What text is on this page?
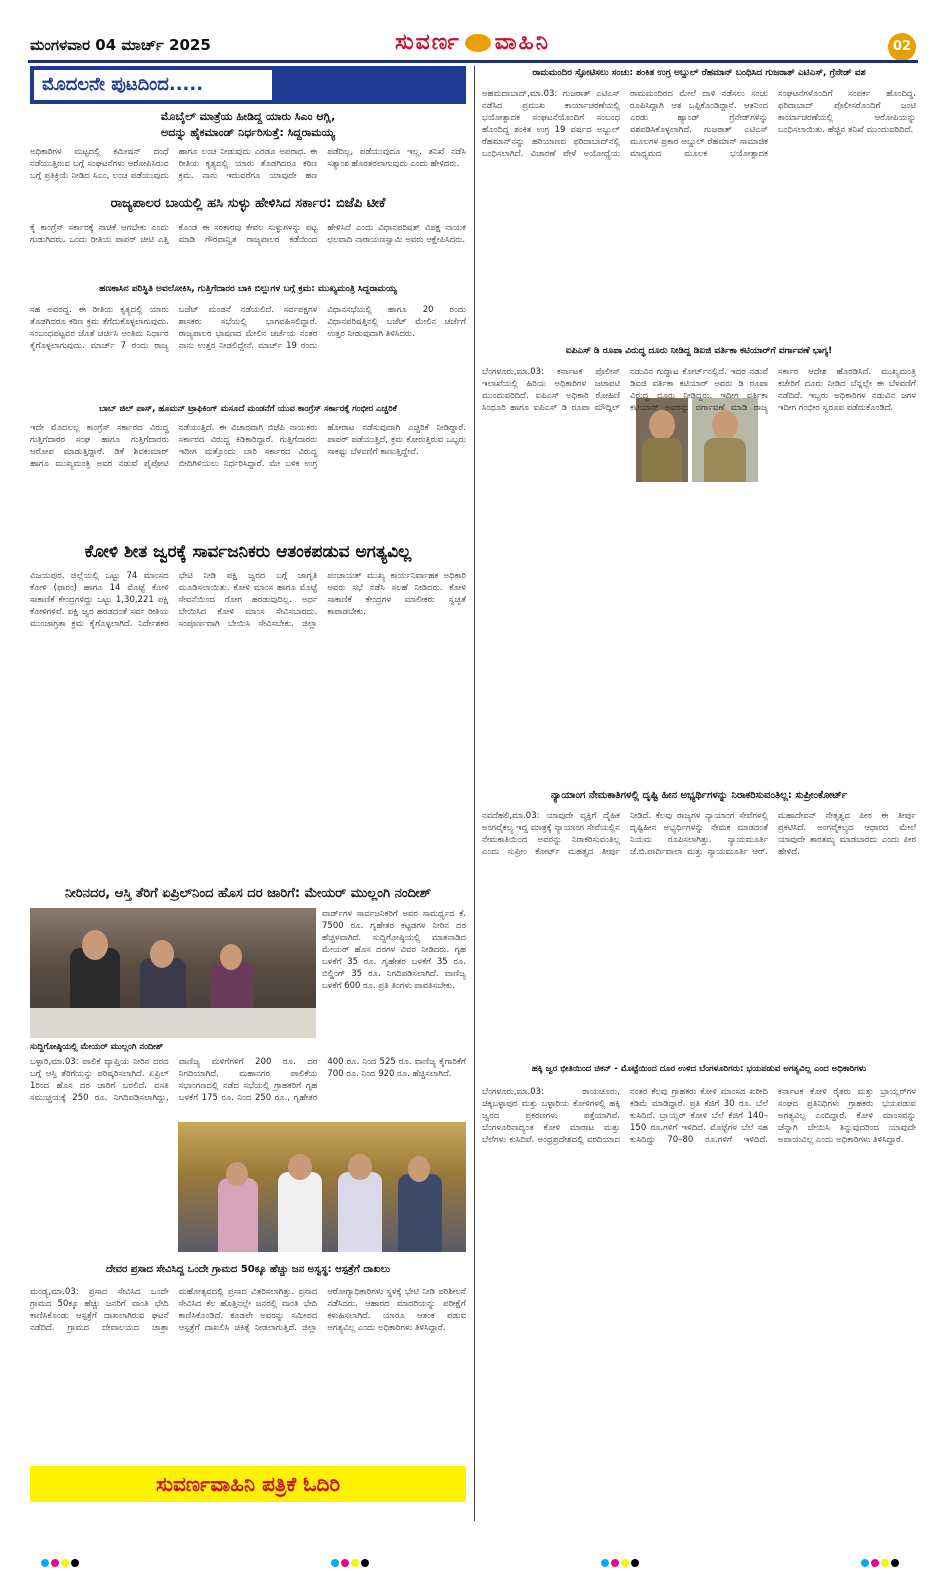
ಮಂಗಳವಾರ 04 ಮಾರ್ಚ್ 2025	ಸುವರ್ಣ ವಾಹಿನಿ	02
ಮೊದಲನೇ ಪುಟದಿಂದ.....
ಮೊಬೈಲ್ ಮಾತ್ರೆಯ ಹೀಡಿದ್ದ ಯಾರು ಸಿಎಂ ಆಗ್ಲಿ,
ಅದನ್ನು ಹೈಕಮಾಂಡ್ ನಿರ್ಧರಿಸುತ್ತೆ: ಸಿದ್ದರಾಮಯ್ಯ
ಅಧಿಕಾರಿಗಳ ಮಟ್ಟದಲ್ಲಿ ಕಮೀಷನ್ ದಂಧೆ ನಡೆಯುತ್ತಿರುವ ಬಗ್ಗೆ ಸಂಘಟನೆಗಳು ಆರೋಪಿಸಿರುವ ಬಗ್ಗೆ ಪ್ರತಿಕ್ರಿಯೆ ನೀಡಿದ ಸಿಎಂ, ಲಂಚ ಪಡೆಯುವುದು ಹಾಗೂ ಲಂಚ ನೀಡುವುದು ಎರಡೂ ಅಪರಾಧ. ಈ ರೀತಿಯ ಕೃತ್ಯದಲ್ಲಿ ಯಾರು ತೊಡಗಿದರೂ ಕಠಿಣ ಕ್ರಮ. ನಾನು ಇದುವರೆಗೂ ಯಾವುದೇ ಹಣ ಪಡೆದಿಲ್ಲ, ಪಡೆಯುವುದೂ ಇಲ್ಲ. ತನಿಖೆ ನಡೆಸಿ ಸತ್ಯಾಂಶ ಹೊರತರಲಾಗುವುದು ಎಂದು ಹೇಳಿದರು.
ರಾಜ್ಯಪಾಲರ ಬಾಯಲ್ಲಿ ಹಸಿ ಸುಳ್ಳು ಹೇಳಿಸಿದ ಸರ್ಕಾರ: ಬಿಜೆಪಿ ಟೀಕೆ
ಕೈ ಕಾಂಗ್ರೆಸ್ ಸರ್ಕಾರಕ್ಕೆ ನಾಚಿಕೆ ಆಗಬೇಕು ಎಂದು ಗುಡುಗಿದರು. ಒಂದು ರೀತಿಯ ಪಾಪರ್ ಚೀಟಿ ಎತ್ತಿ ಕೊಂಡ ಈ ಸರಕಾರವು ಕೇವಲ ಸುಳ್ಳುಗಳನ್ನು ಪಟ್ಟ ಮಾಡಿ ಗೌರವಾನ್ವಿತ ರಾಜ್ಯಪಾಲರ ಕಡೆಯಿಂದ ಹೇಳಿಸಿದೆ ಎಂದು ವಿಧಾನಪರಿಷತ್ ವಿಪಕ್ಷ ನಾಯಕ ಛಲವಾದಿ ನಾರಾಯಣಸ್ವಾಮಿ ಅವರು ಆಕ್ಷೇಪಿಸಿದರು.
ಹಣಕಾಸಿನ ಪರಿಸ್ಥಿತಿ ಅವಲೋಕಿಸಿ, ಗುತ್ತಿಗೆದಾರರ ಬಾಕಿ ಬಿಲ್ಲುಗಳ ಬಗ್ಗೆ ಕ್ರಮ: ಮುಖ್ಯಮಂತ್ರಿ ಸಿದ್ದರಾಮಯ್ಯ
ಸಹ ಅವರದ್ದ. ಈ ರೀತಿಯ ಕೃತ್ಯದಲ್ಲಿ ಯಾರು ತೊಡಗಿದರೂ ಕಠಿಣ ಕ್ರಮ ತೆಗೆದುಕೊಳ್ಳಲಾಗುವುದು. ಸಂಬಂಧಪಟ್ಟವರ ಜೊತೆ ಚರ್ಚಿಸಿ ಅಂತಿಮ ನಿರ್ಧಾರ ಕೈಗೊಳ್ಳಲಾಗುವುದು. ಮಾರ್ಚ್ 7 ರಂದು ರಾಜ್ಯ ಬಜೆಟ್ ಮಂಡನೆ ನಡೆಯಲಿದೆ. ಸರ್ವಪಕ್ಷಗಳ ಶಾಸಕರು ಸಭೆಯಲ್ಲಿ ಭಾಗವಹಿಸಲಿದ್ದಾರೆ. ರಾಜ್ಯಪಾಲರ ಭಾಷಣದ ಮೇಲಿನ ಚರ್ಚೆಯ ನಂತರ ನಾನು ಉತ್ತರ ನೀಡಲಿದ್ದೇನೆ. ಮಾರ್ಚ್ 19 ರಂದು ವಿಧಾನಸಭೆಯಲ್ಲಿ ಹಾಗೂ 20 ರಂದು ವಿಧಾನಪರಿಷತ್ತಿನಲ್ಲಿ ಬಜೆಟ್ ಮೇಲಿನ ಚರ್ಚೆಗೆ ಉತ್ತರ ನೀಡುವುದಾಗಿ ತಿಳಿಸಿದರು.
ಬಾಬ್ ಜಿಲ್ ಪಾಸ್, ಹೂಮನ್ ಟ್ರಾಫಿಕಿಂಗ್ ಮಸೂದೆ ಮಂಡನೆಗೆ ಯುವ ಕಾಂಗ್ರೆಸ್ ಸರ್ಕಾರಕ್ಕೆ ಗಂಭೀರ ಎಚ್ಚರಿಕೆ
ಇದೇ ಮೊದಲಲ್ಲ ಕಾಂಗ್ರೆಸ್ ಸರ್ಕಾರದ ವಿರುದ್ಧ ಗುತ್ತಿಗೆದಾರರ ಸಂಘ ಹಾಗೂ ಗುತ್ತಿಗೆದಾರರು ಆರೋಪ ಮಾಡುತ್ತಿದ್ದಾರೆ. ಡಿಕೆ ಶಿವಕುಮಾರ್ ಹಾಗೂ ಮುಖ್ಯಮಂತ್ರಿ ಅವರ ನಡುವೆ ಪೈಪೋಟಿ ನಡೆಯುತ್ತಿದೆ. ಈ ವಿಚಾರವಾಗಿ ಬಿಜೆಪಿ ನಾಯಕರು ಸರ್ಕಾರದ ವಿರುದ್ಧ ಕಿಡಿಕಾರಿದ್ದಾರೆ. ಗುತ್ತಿಗೆದಾರರು ಇದೀಗ ಮತ್ತೊಂದು ಬಾರಿ ಸರ್ಕಾರದ ವಿರುದ್ಧ ಬೀದಿಗಿಳಿಯಲು ನಿರ್ಧರಿಸಿದ್ದಾರೆ. ಮೇ ಬಳಿಕ ಉಗ್ರ ಹೋರಾಟ ನಡೆಸುವುದಾಗಿ ಎಚ್ಚರಿಕೆ ನೀಡಿದ್ದಾರೆ. ಪಾಪರ್ ಪಡೆಯುತ್ತಿದೆ, ಕ್ರಮ ಕೋರುತ್ತಿರುವ ಒಬ್ಬರು ಸಾಕಷ್ಟು ಬೆಳವಣಿಗೆ ಕಾಣುತ್ತಿದ್ದೇವೆ.
ಕೋಳಿ ಶೀತ ಜ್ವರಕ್ಕೆ ಸಾರ್ವಜನಿಕರು ಆತಂಕಪಡುವ ಅಗತ್ಯವಿಲ್ಲ
ವಿಜಯಪುರ. ಜಿಲ್ಲೆಯಲ್ಲಿ ಒಟ್ಟು 74 ಮಾಂಸದ ಕೋಳಿ (ಫಾರಂ) ಹಾಗೂ 14 ಮೊಟ್ಟೆ ಕೋಳಿ ಸಾಕಾಣಿಕೆ ಕೇಂದ್ರಗಳಿದ್ದು ಒಟ್ಟು 1,30,221 ಪಕ್ಷಿ ಕೋಳಿಗಳಿವೆ. ಪಕ್ಷಿ ಜ್ವರ ಹರಡದಂತೆ ಸರ್ವ ರೀತಿಯ ಮುಂಜಾಗ್ರತಾ ಕ್ರಮ ಕೈಗೊಳ್ಳಲಾಗಿದೆ. ನಿರ್ದೇಶಕರ ಭೇಟಿ ನೀಡಿ ಪಕ್ಷಿ ಜ್ವರದ ಬಗ್ಗೆ ಜಾಗೃತಿ ಮೂಡಿಸಲಾಯಿತು. ಕೋಳಿ ಮಾಂಸ ಹಾಗೂ ಮೊಟ್ಟೆ ಸೇವನೆಯಿಂದ ರೋಗ ಹರಡುವುದಿಲ್ಲ. ಅರ್ಧ ಬೇಯಿಸಿದ ಕೋಳಿ ಮಾಂಸ ಸೇವಿಸಬಾರದು. ಸಂಪೂರ್ಣವಾಗಿ ಬೇಯಿಸಿ ಸೇವಿಸಬೇಕು. ಜಿಲ್ಲಾ ಪಂಚಾಯತ್ ಮುಖ್ಯ ಕಾರ್ಯನಿರ್ವಾಹಕ ಅಧಿಕಾರಿ ಅವರು ಸಭೆ ನಡೆಸಿ ಸಲಹೆ ನೀಡಿದರು. ಕೋಳಿ ಸಾಕಾಣಿಕೆ ಕೇಂದ್ರಗಳ ಮಾಲೀಕರು ಸ್ವಚ್ಛತೆ ಕಾಪಾಡಬೇಕು.
ನೀರಿನದರ, ಆಸ್ತಿ ತೆರಿಗೆ ಏಪ್ರಿಲ್‌ನಿಂದ ಹೊಸ ದರ ಜಾರಿಗೆ: ಮೇಯರ್ ಮುಲ್ಲಂಗಿ ನಂದೀಶ್
ವಾರ್ಡ್‌ಗಳ ಸಾರ್ವಜನಿಕರಿಗೆ ಅವರ ಸಾಮರ್ಥ್ಯದ ಕೆ. 7500 ರೂ. ಗೃಹೇತರ ಕಟ್ಟಡಗಳ ನೀರಿನ ದರ ಹೆಚ್ಚಳವಾಗಿದೆ. ಸುದ್ದಿಗೋಷ್ಠಿಯಲ್ಲಿ ಮಾತನಾಡಿದ ಮೇಯರ್ ಹೊಸ ದರಗಳ ವಿವರ ನೀಡಿದರು. ಗೃಹ ಬಳಕೆಗೆ 35 ರೂ. ಗೃಹೇತರ ಬಳಕೆಗೆ 35 ರೂ. ಬಿಲ್ಡಿಂಗ್ 35 ರೂ. ನಿಗದಿಪಡಿಸಲಾಗಿದೆ. ವಾಣಿಜ್ಯ ಬಳಕೆಗೆ 600 ರೂ. ಪ್ರತಿ ತಿಂಗಳು ಪಾವತಿಸಬೇಕು.
ಸುದ್ದಿಗೋಷ್ಠಿಯಲ್ಲಿ ಮೇಯರ್ ಮುಲ್ಲಂಗಿ ನಂದೀಶ್
ಬಳ್ಳಾರಿ,ಮಾ.03: ಪಾಲಿಕೆ ವ್ಯಾಪ್ತಿಯ ನೀರಿನ ದರದ ಬಗ್ಗೆ ಆಸ್ತಿ ತೆರಿಗೆಯನ್ನು ಪರಿಷ್ಕರಿಸಲಾಗಿದೆ. ಏಪ್ರಿಲ್ 1ರಿಂದ ಹೊಸ ದರ ಜಾರಿಗೆ ಬರಲಿದೆ. ವಸತಿ ಸಮುಚ್ಚಯಕ್ಕೆ 250 ರೂ. ನಿಗದಿಪಡಿಸಲಾಗಿದ್ದು, ವಾಣಿಜ್ಯ ಮಳಿಗೆಗಳಿಗೆ 200 ರೂ. ದರ ನಿಗದಿಯಾಗಿದೆ. ಮಹಾನಗರ ಪಾಲಿಕೆಯ ಸಭಾಂಗಣದಲ್ಲಿ ನಡೆದ ಸಭೆಯಲ್ಲಿ ಗ್ರಾಹಕರಿಗೆ ಗೃಹ ಬಳಕೆಗೆ 175 ರೂ. ನಿಂದ 250 ರೂ., ಗೃಹೇತರ 400 ರೂ. ನಿಂದ 525 ರೂ. ವಾಣಿಜ್ಯ ಕೈಗಾರಿಕೆಗೆ 700 ರೂ. ನಿಂದ 920 ರೂ. ಹೆಚ್ಚಿಸಲಾಗಿದೆ.
ದೇವರ ಪ್ರಸಾದ ಸೇವಿಸಿದ್ದ ಒಂದೇ ಗ್ರಾಮದ 50ಕ್ಕೂ ಹೆಚ್ಚು ಜನ ಅಸ್ವಸ್ಥ: ಆಸ್ಪತ್ರೆಗೆ ದಾಖಲು
ಮಂಡ್ಯ,ಮಾ.03: ಪ್ರಸಾದ ಸೇವಿಸಿದ ಒಂದೇ ಗ್ರಾಮದ 50ಕ್ಕೂ ಹೆಚ್ಚು ಜನರಿಗೆ ವಾಂತಿ ಭೇದಿ ಕಾಣಿಸಿಕೊಂಡು ಆಸ್ಪತ್ರೆಗೆ ದಾಖಲಾಗಿರುವ ಘಟನೆ ನಡೆದಿದೆ. ಗ್ರಾಮದ ದೇವಾಲಯದ ಜಾತ್ರಾ ಮಹೋತ್ಸವದಲ್ಲಿ ಪ್ರಸಾದ ವಿತರಿಸಲಾಗಿತ್ತು. ಪ್ರಸಾದ ಸೇವಿಸಿದ ಕೆಲ ಹೊತ್ತಿನಲ್ಲೇ ಜನರಲ್ಲಿ ವಾಂತಿ ಭೇದಿ ಕಾಣಿಸಿಕೊಂಡಿದೆ. ಕೂಡಲೇ ಅವರನ್ನು ಸಮೀಪದ ಆಸ್ಪತ್ರೆಗೆ ದಾಖಲಿಸಿ ಚಿಕಿತ್ಸೆ ನೀಡಲಾಗುತ್ತಿದೆ. ಜಿಲ್ಲಾ ಆರೋಗ್ಯಾಧಿಕಾರಿಗಳು ಸ್ಥಳಕ್ಕೆ ಭೇಟಿ ನೀಡಿ ಪರಿಶೀಲನೆ ನಡೆಸಿದರು. ಆಹಾರದ ಮಾದರಿಯನ್ನು ಪರೀಕ್ಷೆಗೆ ಕಳುಹಿಸಲಾಗಿದೆ. ಯಾರೂ ಆತಂಕ ಪಡುವ ಅಗತ್ಯವಿಲ್ಲ ಎಂದು ಅಧಿಕಾರಿಗಳು ತಿಳಿಸಿದ್ದಾರೆ.
ಸುವರ್ಣವಾಹಿನಿ ಪತ್ರಿಕೆ ಓದಿರಿ
ರಾಮಮಂದಿರ ಸ್ಫೋಟಿಸಲು ಸಂಚು: ಶಂಕಿತ ಉಗ್ರ ಅಬ್ದುಲ್ ರೆಹಮಾನ್ ಬಂಧಿಸಿದ ಗುಜರಾತ್ ಎಟಿಎಸ್, ಗ್ರೆನೇಡ್ ವಶ
ಅಹಮದಾಬಾದ್,ಮಾ.03: ಗುಜರಾತ್ ಎಟಿಎಸ್ ನಡೆಸಿದ ಪ್ರಮುಖ ಕಾರ್ಯಾಚರಣೆಯಲ್ಲಿ ಭಯೋತ್ಪಾದಕ ಸಂಘಟನೆಯೊಂದಿಗೆ ಸಂಬಂಧ ಹೊಂದಿದ್ದ ಶಂಕಿತ ಉಗ್ರ 19 ವರ್ಷದ ಅಬ್ದುಲ್ ರೆಹಮಾನ್‌ನನ್ನು ಹರಿಯಾಣದ ಫರಿದಾಬಾದ್‌ನಲ್ಲಿ ಬಂಧಿಸಲಾಗಿದೆ. ವಿಚಾರಣೆ ವೇಳೆ ಅಯೋಧ್ಯೆಯ ರಾಮಮಂದಿರದ ಮೇಲೆ ದಾಳಿ ನಡೆಸಲು ಸಂಚು ರೂಪಿಸಿದ್ದಾಗಿ ಆತ ಒಪ್ಪಿಕೊಂಡಿದ್ದಾನೆ. ಆತನಿಂದ ಎರಡು ಹ್ಯಾಂಡ್ ಗ್ರೆನೇಡ್‌ಗಳನ್ನು ವಶಪಡಿಸಿಕೊಳ್ಳಲಾಗಿದೆ. ಗುಜರಾತ್ ಎಟಿಎಸ್ ಮೂಲಗಳ ಪ್ರಕಾರ ಅಬ್ದುಲ್ ರೆಹಮಾನ್ ಸಾಮಾಜಿಕ ಮಾಧ್ಯಮದ ಮೂಲಕ ಭಯೋತ್ಪಾದಕ ಸಂಘಟನೆಗಳೊಂದಿಗೆ ಸಂಪರ್ಕ ಹೊಂದಿದ್ದ. ಫರಿದಾಬಾದ್ ಪೊಲೀಸರೊಂದಿಗೆ ಜಂಟಿ ಕಾರ್ಯಾಚರಣೆಯಲ್ಲಿ ಆರೋಪಿಯನ್ನು ಬಂಧಿಸಲಾಯಿತು. ಹೆಚ್ಚಿನ ತನಿಖೆ ಮುಂದುವರಿದಿದೆ.
ಐಪಿಎಸ್ ಡಿ ರೂಪಾ ವಿರುದ್ಧ ದೂರು ನೀಡಿದ್ದ ಡಿಐಜಿ ವರ್ತಿಕಾ ಕಟಿಯಾರ್‌ಗೆ ವರ್ಗಾವಣೆ ಭಾಗ್ಯ!
ಬೆಂಗಳೂರು,ಮಾ.03: ಕರ್ನಾಟಕ ಪೊಲೀಸ್ ಇಲಾಖೆಯಲ್ಲಿ ಹಿರಿಯ ಅಧಿಕಾರಿಗಳ ಜಟಾಪಟಿ ಮುಂದುವರಿದಿದೆ. ಐಪಿಎಸ್ ಅಧಿಕಾರಿ ರೋಹಿಣಿ ಸಿಂಧೂರಿ ಹಾಗೂ ಐಪಿಎಸ್ ಡಿ ರೂಪಾ ಮೌದ್ಗಿಲ್ ನಡುವಿನ ಗುದ್ದಾಟ ಕೋರ್ಟ್‌ನಲ್ಲಿದೆ. ಇದರ ನಡುವೆ ಡಿಐಜಿ ವರ್ತಿಕಾ ಕಟಿಯಾರ್ ಅವರು ಡಿ ರೂಪಾ ವಿರುದ್ಧ ದೂರು ನೀಡಿದ್ದರು. ಇದೀಗ ವರ್ತಿಕಾ ಕಟಿಯಾರ್ ಅವರನ್ನು ವರ್ಗಾವಣೆ ಮಾಡಿ ರಾಜ್ಯ ಸರ್ಕಾರ ಆದೇಶ ಹೊರಡಿಸಿದೆ. ಮುಖ್ಯಮಂತ್ರಿ ಕಚೇರಿಗೆ ದೂರು ನೀಡಿದ ಬೆನ್ನಲ್ಲೇ ಈ ಬೆಳವಣಿಗೆ ನಡೆದಿದೆ. ಇಬ್ಬರು ಅಧಿಕಾರಿಗಳ ನಡುವಿನ ಜಗಳ ಇದೀಗ ಗಂಭೀರ ಸ್ವರೂಪ ಪಡೆದುಕೊಂಡಿದೆ.
ನ್ಯಾಯಾಂಗ ನೇಮಕಾತಿಗಳಲ್ಲಿ ದೃಷ್ಟಿ ಹೀನ ಅಭ್ಯರ್ಥಿಗಳನ್ನು ನಿರಾಕರಿಸುವಂತಿಲ್ಲ: ಸುಪ್ರೀಂಕೋರ್ಟ್
ನವದೆಹಲಿ,ಮಾ.03: ಯಾವುದೇ ವ್ಯಕ್ತಿಗೆ ದೈಹಿಕ ಅಂಗವೈಕಲ್ಯ ಇದ್ದ ಮಾತ್ರಕ್ಕೆ ನ್ಯಾಯಾಂಗ ಸೇವೆಯಲ್ಲಿನ ನೇಮಕಾತಿಯಿಂದ ಅವರನ್ನು ನಿರಾಕರಿಸುವಂತಿಲ್ಲ ಎಂದು ಸುಪ್ರೀಂ ಕೋರ್ಟ್ ಮಹತ್ವದ ತೀರ್ಪು ನೀಡಿದೆ. ಕೆಲವು ರಾಜ್ಯಗಳ ನ್ಯಾಯಾಂಗ ಸೇವೆಗಳಲ್ಲಿ ದೃಷ್ಟಿಹೀನ ಅಭ್ಯರ್ಥಿಗಳನ್ನು ನೇಮಕ ಮಾಡದಂತೆ ನಿಯಮ ರೂಪಿಸಲಾಗಿತ್ತು. ನ್ಯಾಯಮೂರ್ತಿ ಜೆ.ಬಿ.ಪಾರ್ದಿವಾಲಾ ಮತ್ತು ನ್ಯಾಯಮೂರ್ತಿ ಆರ್. ಮಹಾದೇವನ್ ನೇತೃತ್ವದ ಪೀಠ ಈ ತೀರ್ಪು ಪ್ರಕಟಿಸಿದೆ. ಅಂಗವೈಕಲ್ಯದ ಆಧಾರದ ಮೇಲೆ ಯಾವುದೇ ತಾರತಮ್ಯ ಮಾಡಬಾರದು ಎಂದು ಪೀಠ ಹೇಳಿದೆ.
ಹಕ್ಕಿ ಜ್ವರ ಭೀತಿಯಿಂದ ಚಿಕನ್ - ಮೊಟ್ಟೆಯಿಂದ ದೂರ ಉಳಿದ ಬೆಂಗಳೂರಿಗರು: ಭಯಪಡುವ ಅಗತ್ಯವಿಲ್ಲ ಎಂದ ಅಧಿಕಾರಿಗಳು
ಬೆಂಗಳೂರು,ಮಾ.03: ರಾಯಚೂರು, ಚಿಕ್ಕಬಳ್ಳಾಪುರ ಮತ್ತು ಬಳ್ಳಾರಿಯ ಕೋಳಿಗಳಲ್ಲಿ ಹಕ್ಕಿ ಜ್ವರದ ಪ್ರಕರಣಗಳು ಪತ್ತೆಯಾಗಿವೆ. ಬೆಂಗಳೂರಿನಾದ್ಯಂತ ಕೋಳಿ ಮಾರಾಟ ಮತ್ತು ಬೆಲೆಗಳು ಕುಸಿದಿವೆ. ಅಂಧ್ರಪ್ರದೇಶದಲ್ಲಿ ವರದಿಯಾದ ನಂತರ ಕೆಲವು ಗ್ರಾಹಕರು ಕೋಳಿ ಮಾಂಸದ ಖರೀದಿ ಕಡಿಮೆ ಮಾಡಿದ್ದಾರೆ. ಪ್ರತಿ ಕೆಜಿಗೆ 30 ರೂ. ಬೆಲೆ ಕುಸಿದಿದೆ. ಬ್ರಾಯ್ಲರ್ ಕೋಳಿ ಬೆಲೆ ಕೆಜಿಗೆ 140–150 ರೂ.ಗಳಿಗೆ ಇಳಿದಿದೆ. ಮೊಟ್ಟೆಗಳ ಬೆಲೆ ಸಹ ಕುಸಿದಿದ್ದು 70–80 ರೂ.ಗಳಿಗೆ ಇಳಿದಿದೆ. ಕರ್ನಾಟಕ ಕೋಳಿ ರೈತರು ಮತ್ತು ಬ್ರಾಯ್ಲರ್‌ಗಳ ಸಂಘದ ಪ್ರತಿನಿಧಿಗಳು ಗ್ರಾಹಕರು ಭಯಪಡುವ ಅಗತ್ಯವಿಲ್ಲ ಎಂದಿದ್ದಾರೆ. ಕೋಳಿ ಮಾಂಸವನ್ನು ಚೆನ್ನಾಗಿ ಬೇಯಿಸಿ ತಿನ್ನುವುದರಿಂದ ಯಾವುದೇ ಅಪಾಯವಿಲ್ಲ ಎಂದು ಅಧಿಕಾರಿಗಳು ತಿಳಿಸಿದ್ದಾರೆ.
